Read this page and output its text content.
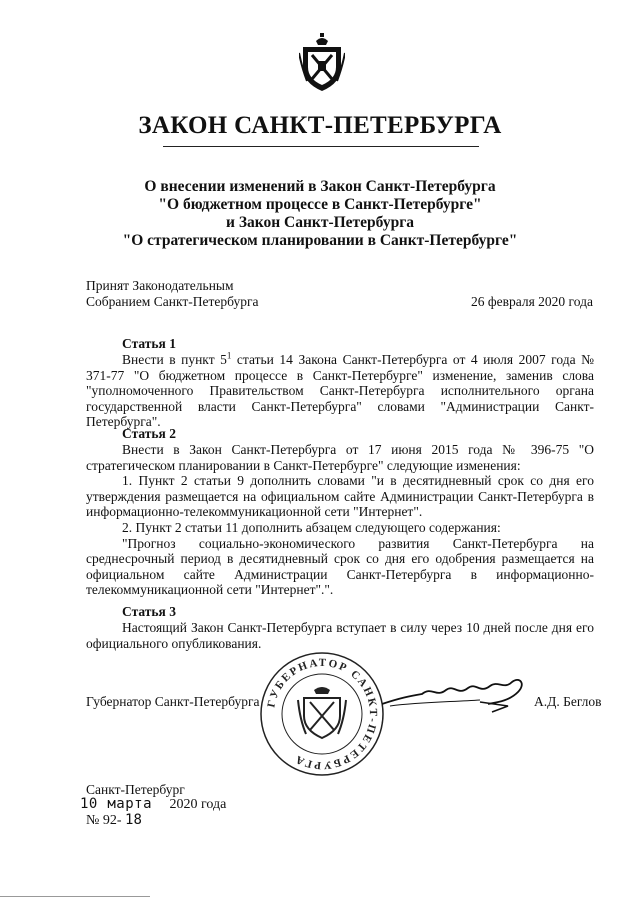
ЗАКОН САНКТ-ПЕТЕРБУРГА
О внесении изменений в Закон Санкт-Петербурга
"О бюджетном процессе в Санкт-Петербурге"
и Закон Санкт-Петербурга
"О стратегическом планировании в Санкт-Петербурге"
Принят Законодательным
Собранием Санкт-Петербурга	26 февраля 2020 года
Статья 1
Внести в пункт $5^1$ статьи 14 Закона Санкт-Петербурга от 4 июля 2007 года № 371-77 "О бюджетном процессе в Санкт-Петербурге" изменение, заменив слова "уполномоченного Правительством Санкт-Петербурга исполнительного органа государственной власти Санкт-Петербурга" словами "Администрации Санкт-Петербурга".
Статья 2
Внести в Закон Санкт-Петербурга от 17 июня 2015 года № 396-75 "О стратегическом планировании в Санкт-Петербурге" следующие изменения:
1. Пункт 2 статьи 9 дополнить словами "и в десятидневный срок со дня его утверждения размещается на официальном сайте Администрации Санкт-Петербурга в информационно-телекоммуникационной сети "Интернет".
2. Пункт 2 статьи 11 дополнить абзацем следующего содержания:
"Прогноз социально-экономического развития Санкт-Петербурга на среднесрочный период в десятидневный срок со дня его одобрения размещается на официальном сайте Администрации Санкт-Петербурга в информационно-телекоммуникационной сети "Интернет".".
Статья 3
Настоящий Закон Санкт-Петербурга вступает в силу через 10 дней после дня его официального опубликования.
ГУБЕРНАТОР САНКТ-ПЕТЕРБУРГА
Губернатор Санкт-Петербурга	А.Д. Беглов
Санкт-Петербург
10 марта 2020 года
№ 92- 18
